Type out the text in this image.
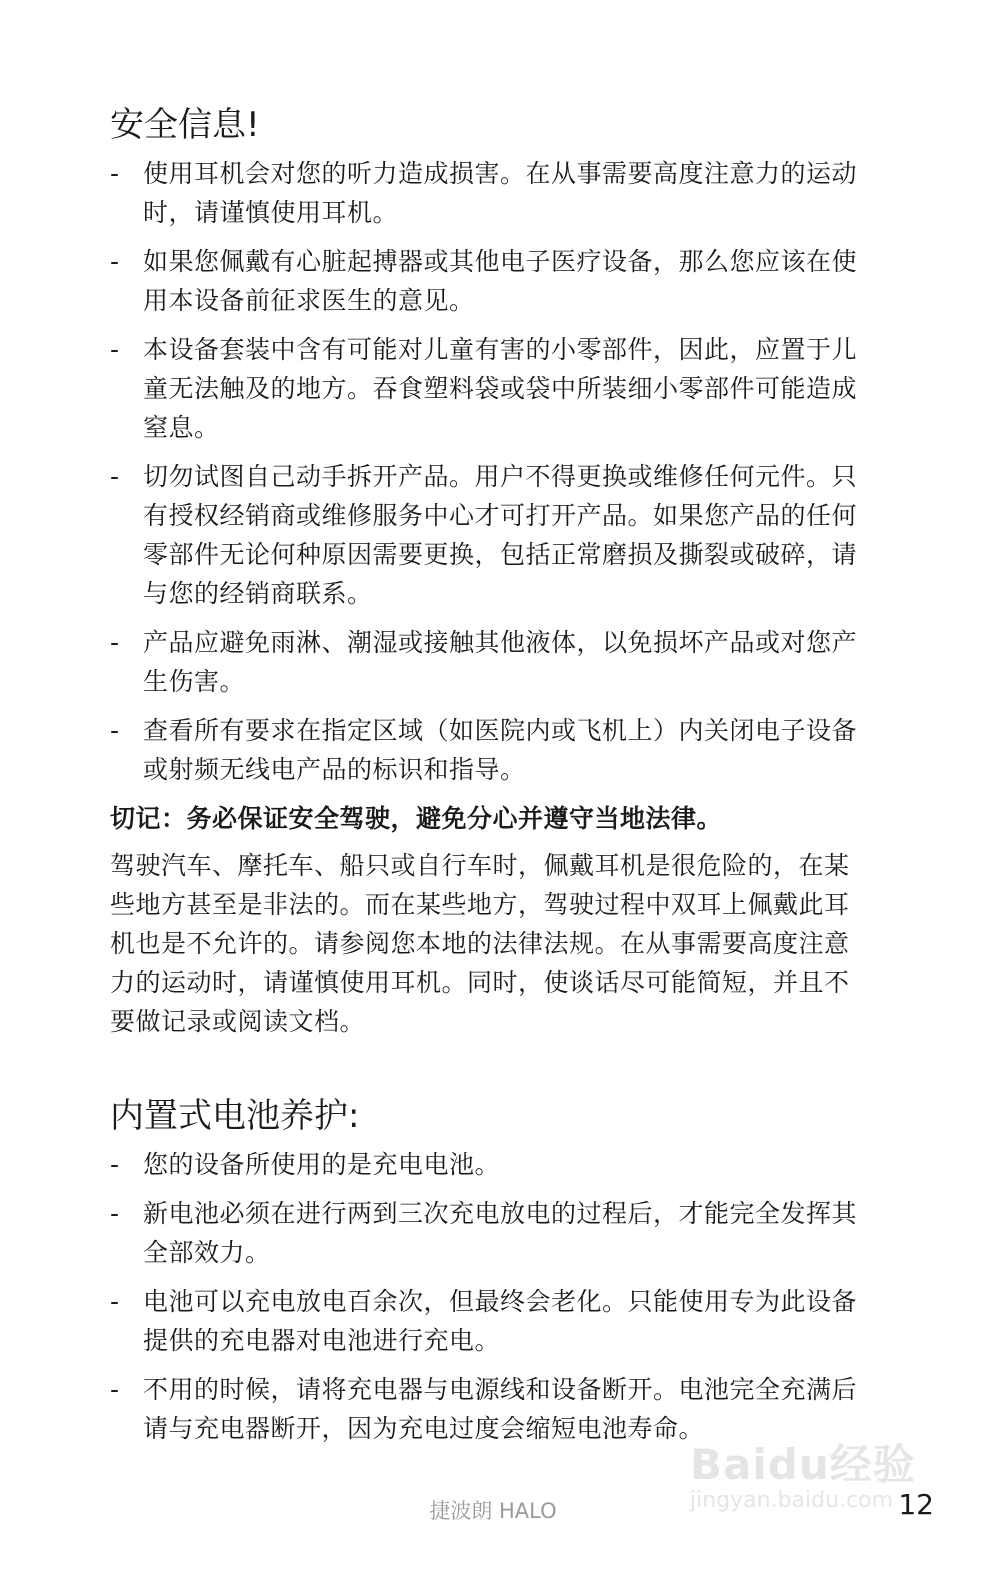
安全信息!
- 使用耳机会对您的听力造成损害。在从事需要高度注意力的运动时，请谨慎使用耳机。
- 如果您佩戴有心脏起搏器或其他电子医疗设备，那么您应该在使用本设备前征求医生的意见。
- 本设备套装中含有可能对儿童有害的小零部件，因此，应置于儿童无法触及的地方。吞食塑料袋或袋中所装细小零部件可能造成窒息。
- 切勿试图自己动手拆开产品。用户不得更换或维修任何元件。只有授权经销商或维修服务中心才可打开产品。如果您产品的任何零部件无论何种原因需要更换，包括正常磨损及撕裂或破碎，请与您的经销商联系。
- 产品应避免雨淋、潮湿或接触其他液体，以免损坏产品或对您产生伤害。
- 查看所有要求在指定区域（如医院内或飞机上）内关闭电子设备或射频无线电产品的标识和指导。

切记：务必保证安全驾驶，避免分心并遵守当地法律。

驾驶汽车、摩托车、船只或自行车时，佩戴耳机是很危险的，在某些地方甚至是非法的。而在某些地方，驾驶过程中双耳上佩戴此耳机也是不允许的。请参阅您本地的法律法规。在从事需要高度注意力的运动时，请谨慎使用耳机。同时，使谈话尽可能简短，并且不要做记录或阅读文档。

内置式电池养护:
- 您的设备所使用的是充电电池。
- 新电池必须在进行两到三次充电放电的过程后，才能完全发挥其全部效力。
- 电池可以充电放电百余次，但最终会老化。只能使用专为此设备提供的充电器对电池进行充电。
- 不用的时候，请将充电器与电源线和设备断开。电池完全充满后请与充电器断开，因为充电过度会缩短电池寿命。
Baidu经验
jingyan.baidu.com
捷波朗 HALO	12
